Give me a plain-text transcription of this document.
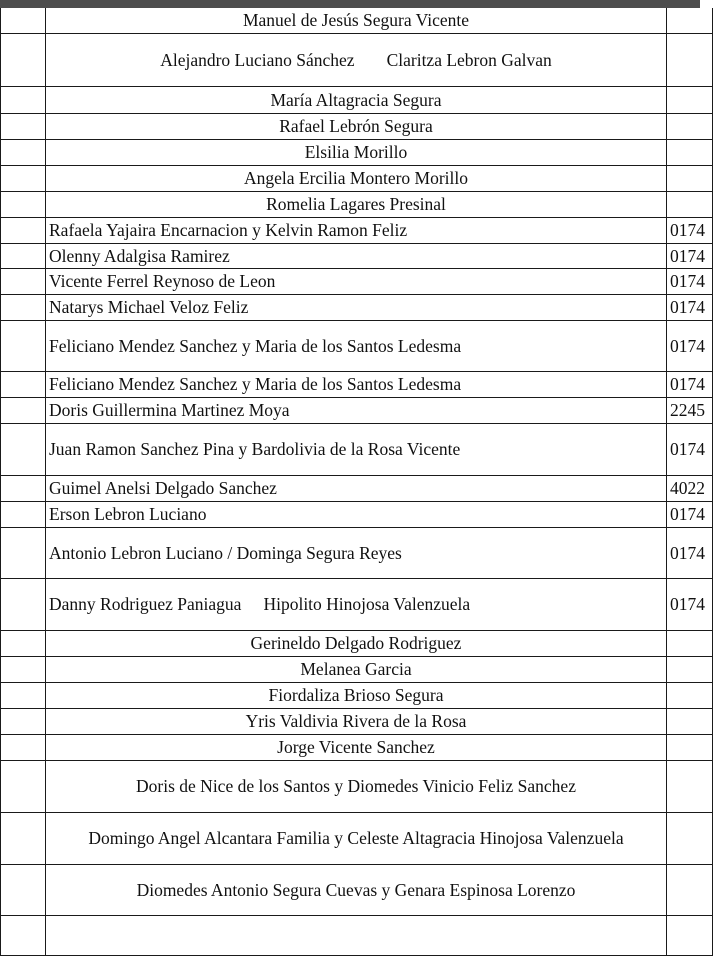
	Manuel de Jesús Segura Vicente	
	Alejandro Luciano Sánchez Claritza Lebron Galvan	
	María Altagracia Segura	
	Rafael Lebrón Segura	
	Elsilia Morillo	
	Angela Ercilia Montero Morillo	
	Romelia Lagares Presinal	
	Rafaela Yajaira Encarnacion y Kelvin Ramon Feliz	0174
	Olenny Adalgisa Ramirez	0174
	Vicente Ferrel Reynoso de Leon	0174
	Natarys Michael Veloz Feliz	0174
	Feliciano Mendez Sanchez y Maria de los Santos Ledesma	0174
	Feliciano Mendez Sanchez y Maria de los Santos Ledesma	0174
	Doris Guillermina Martinez Moya	2245
	Juan Ramon Sanchez Pina y Bardolivia de la Rosa Vicente	0174
	Guimel Anelsi Delgado Sanchez	4022
	Erson Lebron Luciano	0174
	Antonio Lebron Luciano / Dominga Segura Reyes	0174
	Danny Rodriguez Paniagua Hipolito Hinojosa Valenzuela	0174
	Gerineldo Delgado Rodriguez	
	Melanea Garcia	
	Fiordaliza Brioso Segura	
	Yris Valdivia Rivera de la Rosa	
	Jorge Vicente Sanchez	
	Doris de Nice de los Santos y Diomedes Vinicio Feliz Sanchez	
	Domingo Angel Alcantara Familia y Celeste Altagracia Hinojosa Valenzuela	
	Diomedes Antonio Segura Cuevas y Genara Espinosa Lorenzo	
